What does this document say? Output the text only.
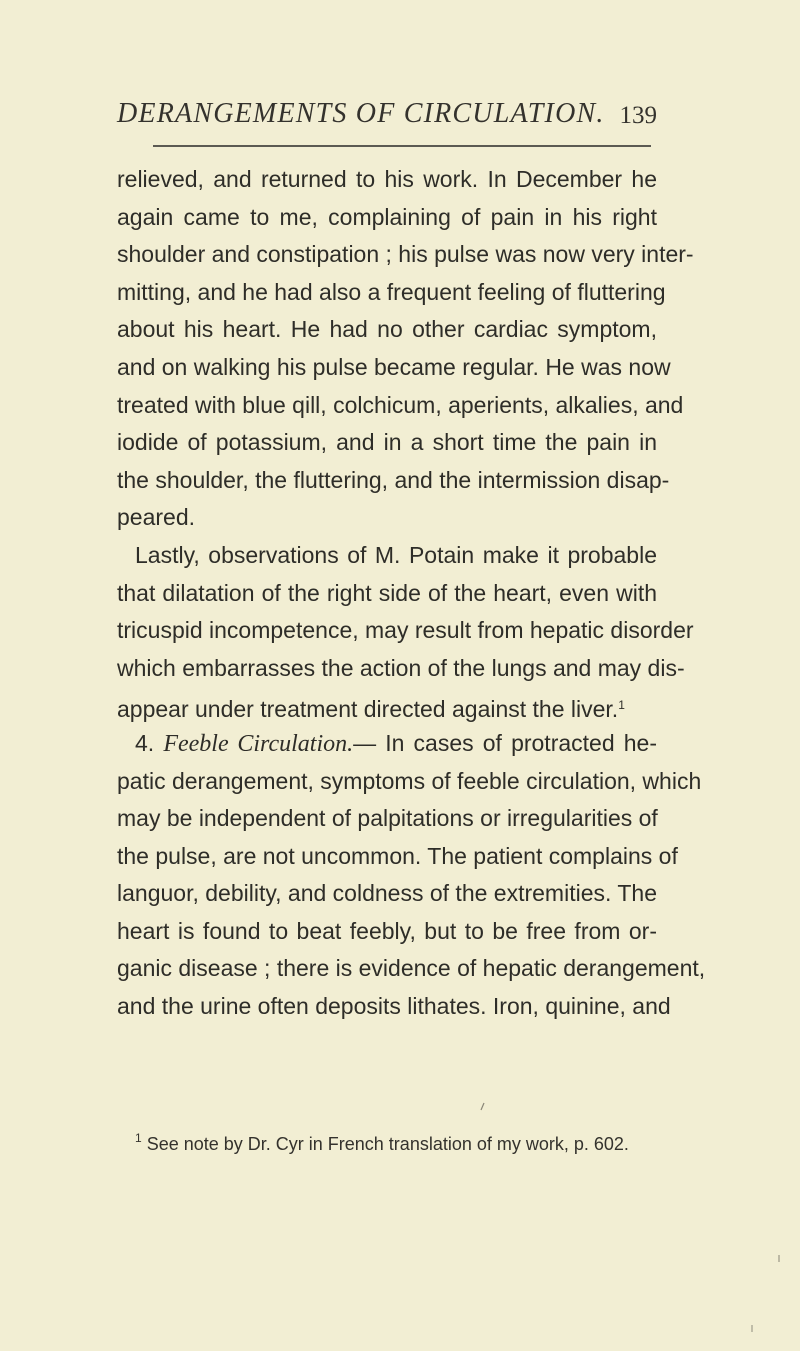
DERANGEMENTS OF CIRCULATION. 139
relieved, and returned to his work. In December he
again came to me, complaining of pain in his right
shoulder and constipation ; his pulse was now very inter-
mitting, and he had also a frequent feeling of fluttering
about his heart. He had no other cardiac symptom,
and on walking his pulse became regular. He was now
treated with blue qill, colchicum, aperients, alkalies, and
iodide of potassium, and in a short time the pain in
the shoulder, the fluttering, and the intermission disap-
peared.
Lastly, observations of M. Potain make it probable
that dilatation of the right side of the heart, even with
tricuspid incompetence, may result from hepatic disorder
which embarrasses the action of the lungs and may dis-
appear under treatment directed against the liver.$^1$
4. Feeble Circulation.— In cases of protracted he-
patic derangement, symptoms of feeble circulation, which
may be independent of palpitations or irregularities of
the pulse, are not uncommon. The patient complains of
languor, debility, and coldness of the extremities. The
heart is found to beat feebly, but to be free from or-
ganic disease ; there is evidence of hepatic derangement,
and the urine often deposits lithates. Iron, quinine, and
$^1$ See note by Dr. Cyr in French translation of my work, p. 602.
